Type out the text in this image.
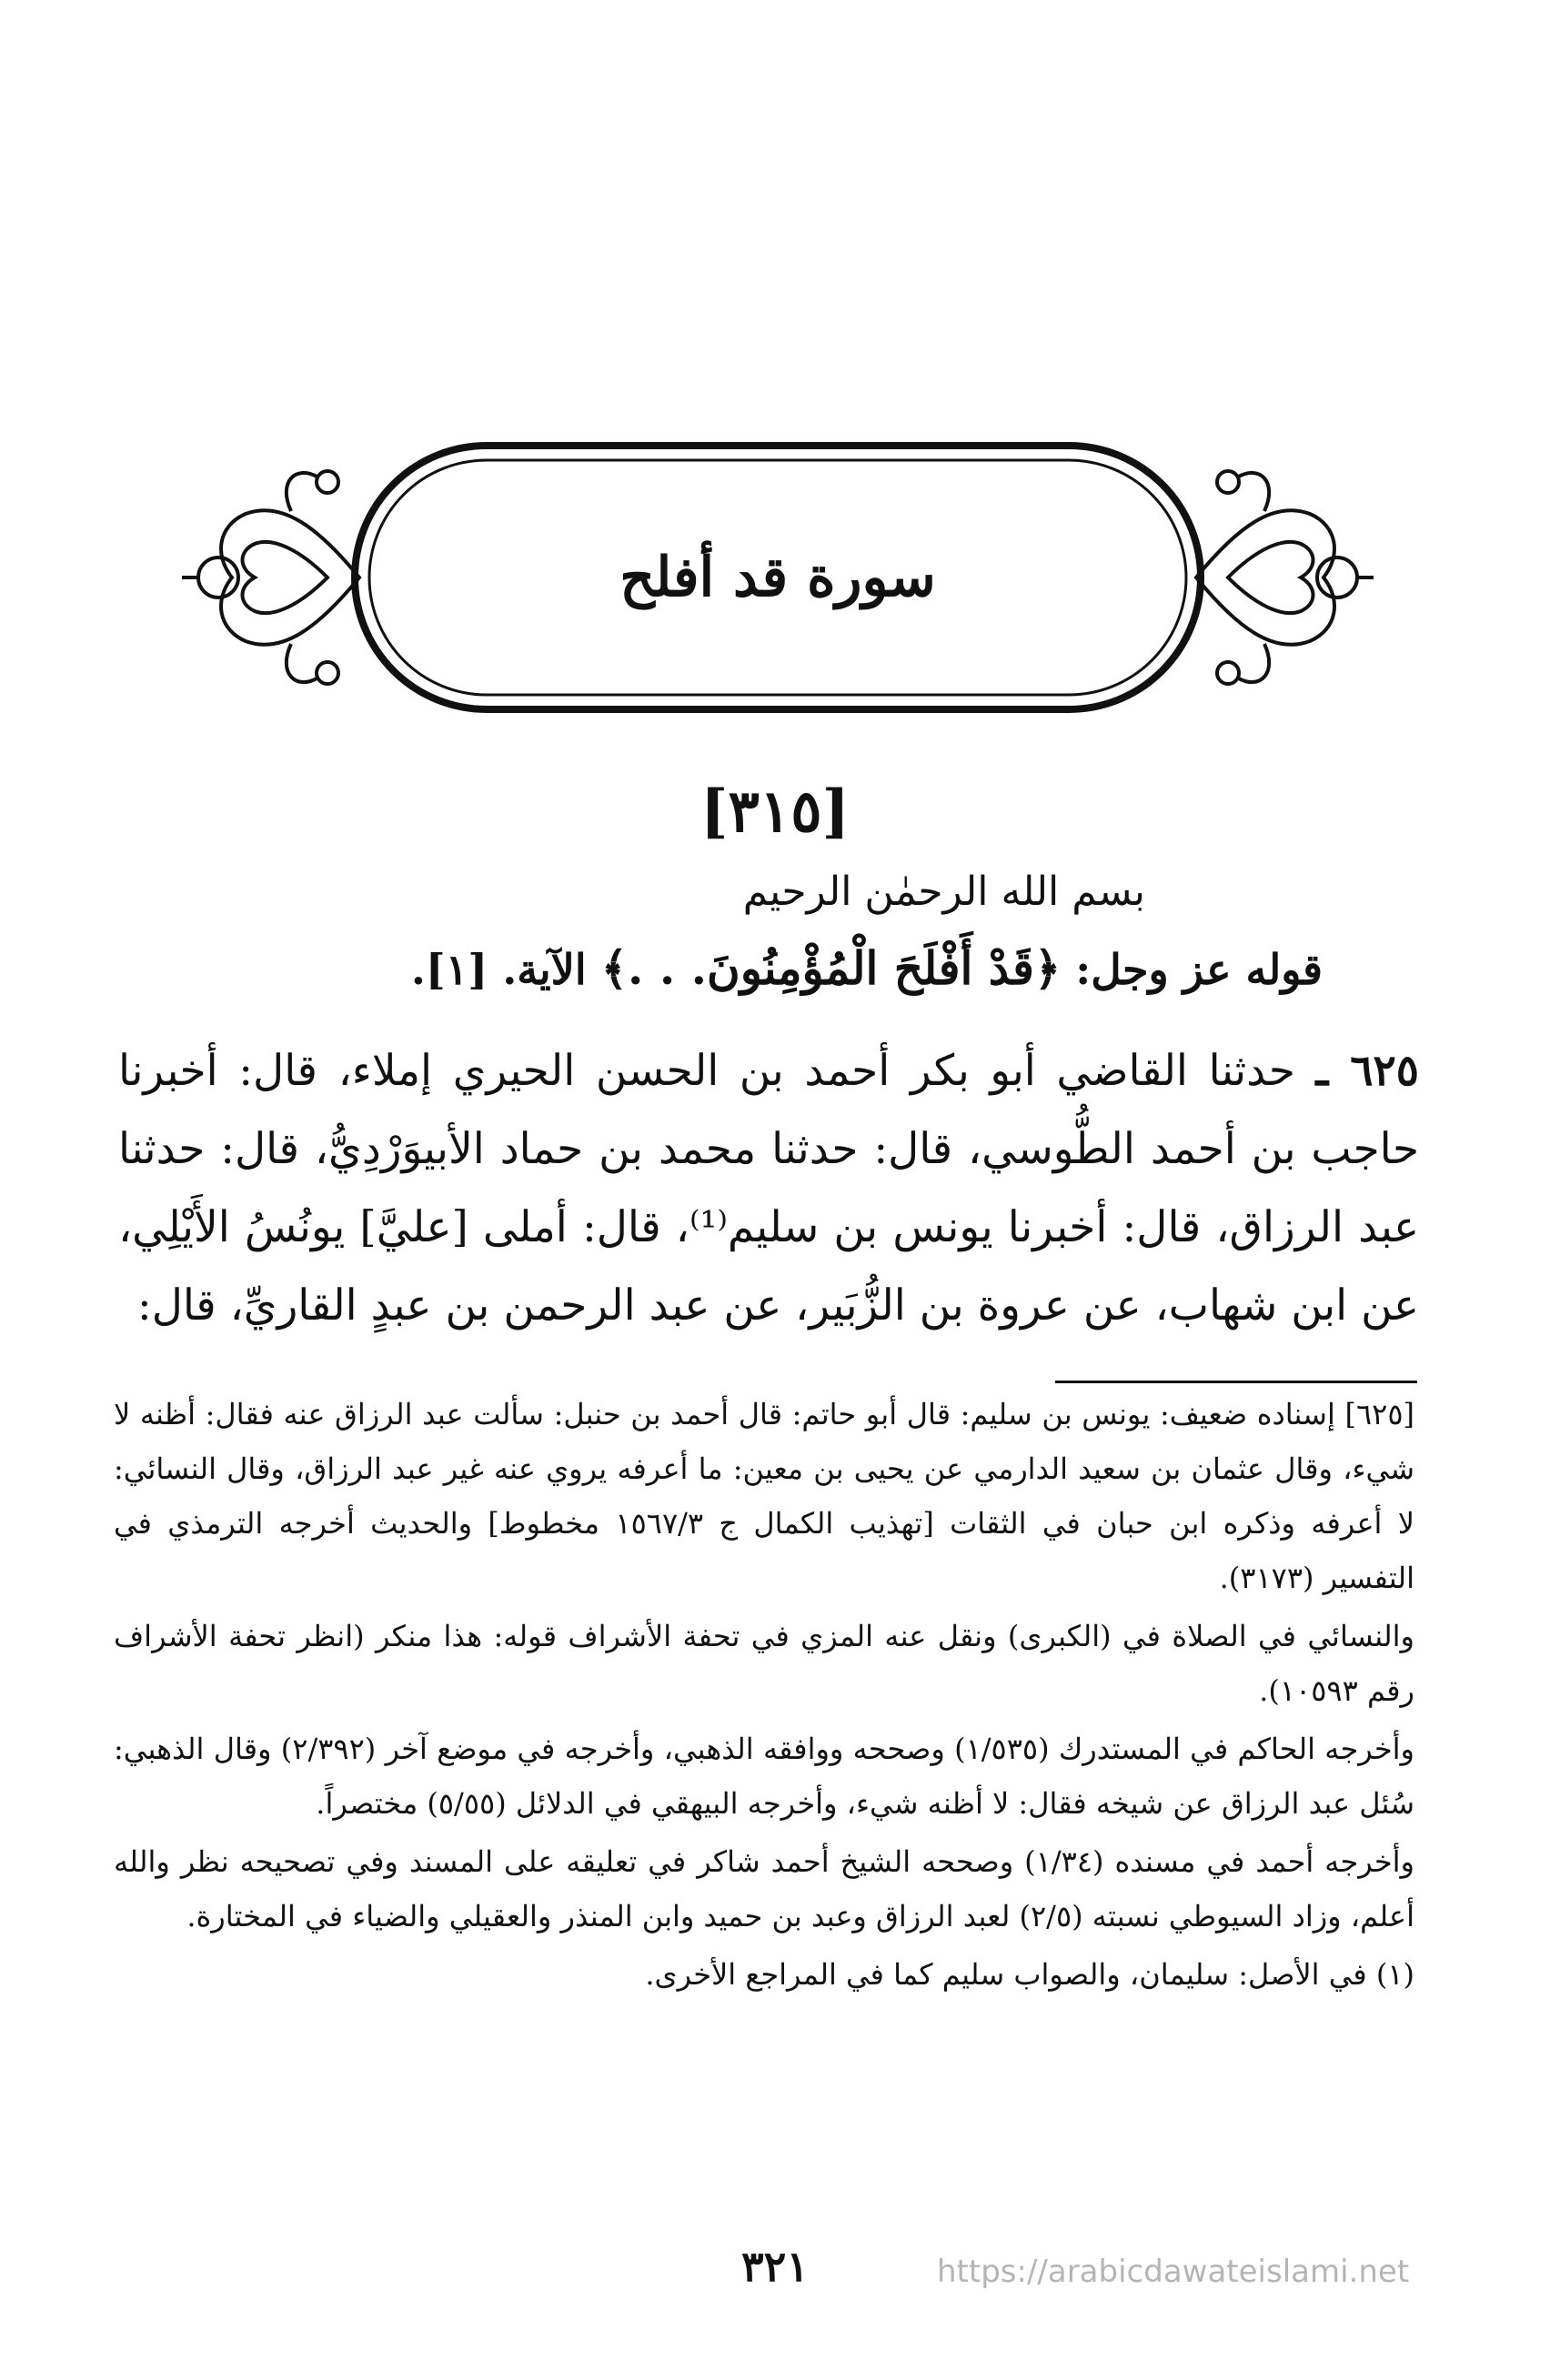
سورة قد أفلح
[٣١٥]
بسم الله الرحمٰن الرحيم
قوله عز وجل: ﴿قَدْ أَفْلَحَ الْمُؤْمِنُونَ. . .﴾ الآية. [١].
٦٢٥ ـ حدثنا القاضي أبو بكر أحمد بن الحسن الحيري إملاء، قال: أخبرنا حاجب بن أحمد الطُّوسي، قال: حدثنا محمد بن حماد الأبيوَرْدِيُّ، قال: حدثنا عبد الرزاق، قال: أخبرنا يونس بن سليم⁽¹⁾، قال: أملى [عليَّ] يونُسُ الأَيْلِي، عن ابن شهاب، عن عروة بن الزُّبَير، عن عبد الرحمن بن عبدٍ القاريِّ، قال:
[٦٢٥] إسناده ضعيف: يونس بن سليم: قال أبو حاتم: قال أحمد بن حنبل: سألت عبد الرزاق عنه فقال: أظنه لا شيء، وقال عثمان بن سعيد الدارمي عن يحيى بن معين: ما أعرفه يروي عنه غير عبد الرزاق، وقال النسائي: لا أعرفه وذكره ابن حبان في الثقات [تهذيب الكمال ج ١٥٦٧/٣ مخطوط] والحديث أخرجه الترمذي في التفسير (٣١٧٣).
والنسائي في الصلاة في (الكبرى) ونقل عنه المزي في تحفة الأشراف قوله: هذا منكر (انظر تحفة الأشراف رقم ١٠٥٩٣).
وأخرجه الحاكم في المستدرك (١/٥٣٥) وصححه ووافقه الذهبي، وأخرجه في موضع آخر (٢/٣٩٢) وقال الذهبي: سُئل عبد الرزاق عن شيخه فقال: لا أظنه شيء، وأخرجه البيهقي في الدلائل (٥/٥٥) مختصراً.
وأخرجه أحمد في مسنده (١/٣٤) وصححه الشيخ أحمد شاكر في تعليقه على المسند وفي تصحيحه نظر والله أعلم، وزاد السيوطي نسبته (٢/٥) لعبد الرزاق وعبد بن حميد وابن المنذر والعقيلي والضياء في المختارة.
(١) في الأصل: سليمان، والصواب سليم كما في المراجع الأخرى.
٣٢١	https://arabicdawateislami.net
